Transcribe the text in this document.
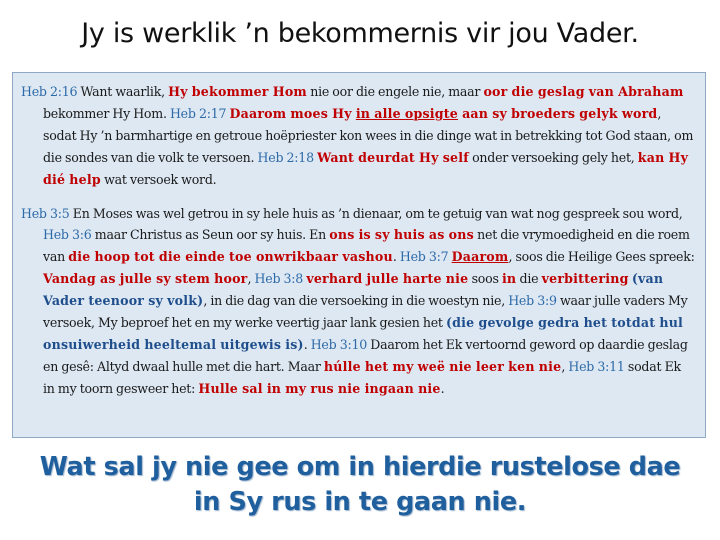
Jy is werklik ’n bekommernis vir jou Vader.

Heb 2:16 Want waarlik, Hy bekommer Hom nie oor die engele nie, maar oor die geslag van Abraham bekommer Hy Hom. Heb 2:17 Daarom moes Hy in alle opsigte aan sy broeders gelyk word, sodat Hy ’n barmhartige en getroue hoëpriester kon wees in die dinge wat in betrekking tot God staan, om die sondes van die volk te versoen. Heb 2:18 Want deurdat Hy self onder versoeking gely het, kan Hy dié help wat versoek word.

Heb 3:5 En Moses was wel getrou in sy hele huis as ’n dienaar, om te getuig van wat nog gespreek sou word, Heb 3:6 maar Christus as Seun oor sy huis. En ons is sy huis as ons net die vrymoedigheid en die roem van die hoop tot die einde toe onwrikbaar vashou. Heb 3:7 Daarom, soos die Heilige Gees spreek: Vandag as julle sy stem hoor, Heb 3:8 verhard julle harte nie soos in die verbittering (van Vader teenoor sy volk), in die dag van die versoeking in die woestyn nie, Heb 3:9 waar julle vaders My versoek, My beproef het en my werke veertig jaar lank gesien het (die gevolge gedra het totdat hul onsuiwerheid heeltemal uitgewis is). Heb 3:10 Daarom het Ek vertoornd geword op daardie geslag en gesê: Altyd dwaal hulle met die hart. Maar húlle het my weë nie leer ken nie, Heb 3:11 sodat Ek in my toorn gesweer het: Hulle sal in my rus nie ingaan nie.

Wat sal jy nie gee om in hierdie rustelose dae
in Sy rus in te gaan nie.
